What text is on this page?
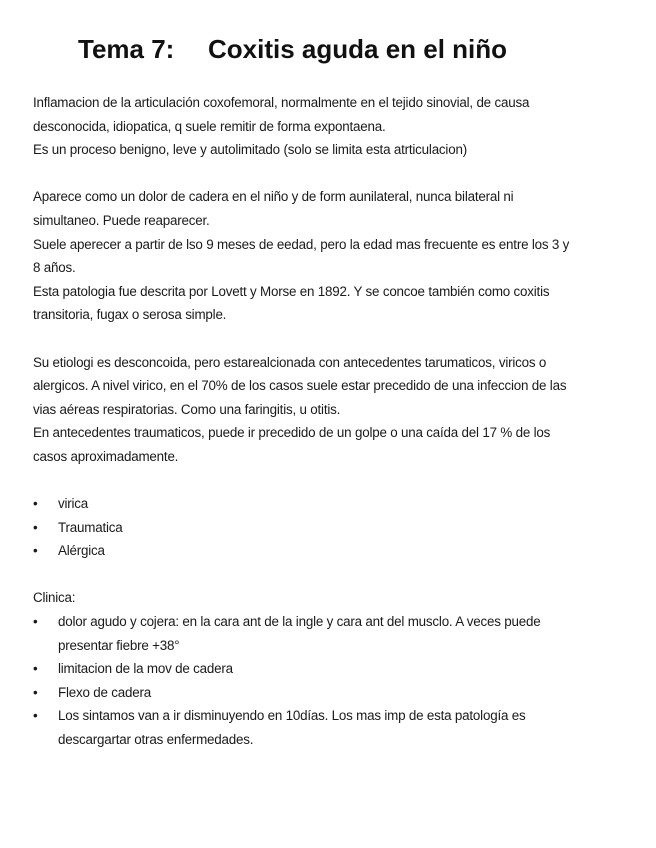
Tema 7: Coxitis aguda en el niño
Inflamacion de la articulación coxofemoral, normalmente en el tejido sinovial, de causa
desconocida, idiopatica, q suele remitir de forma expontaena.
Es un proceso benigno, leve y autolimitado (solo se limita esta atrticulacion)
Aparece como un dolor de cadera en el niño y de form aunilateral, nunca bilateral ni
simultaneo. Puede reaparecer.
Suele aperecer a partir de lso 9 meses de eedad, pero la edad mas frecuente es entre los 3 y
8 años.
Esta patologia fue descrita por Lovett y Morse en 1892. Y se concoe también como coxitis
transitoria, fugax o serosa simple.
Su etiologi es desconcoida, pero estarealcionada con antecedentes tarumaticos, viricos o
alergicos. A nivel virico, en el 70% de los casos suele estar precedido de una infeccion de las
vias aéreas respiratorias. Como una faringitis, u otitis.
En antecedentes traumaticos, puede ir precedido de un golpe o una caída del 17 % de los
casos aproximadamente.
• virica
• Traumatica
• Alérgica
Clinica:
• dolor agudo y cojera: en la cara ant de la ingle y cara ant del musclo. A veces puede
presentar fiebre +38°
• limitacion de la mov de cadera
• Flexo de cadera
• Los sintamos van a ir disminuyendo en 10días. Los mas imp de esta patología es
descargartar otras enfermedades.
